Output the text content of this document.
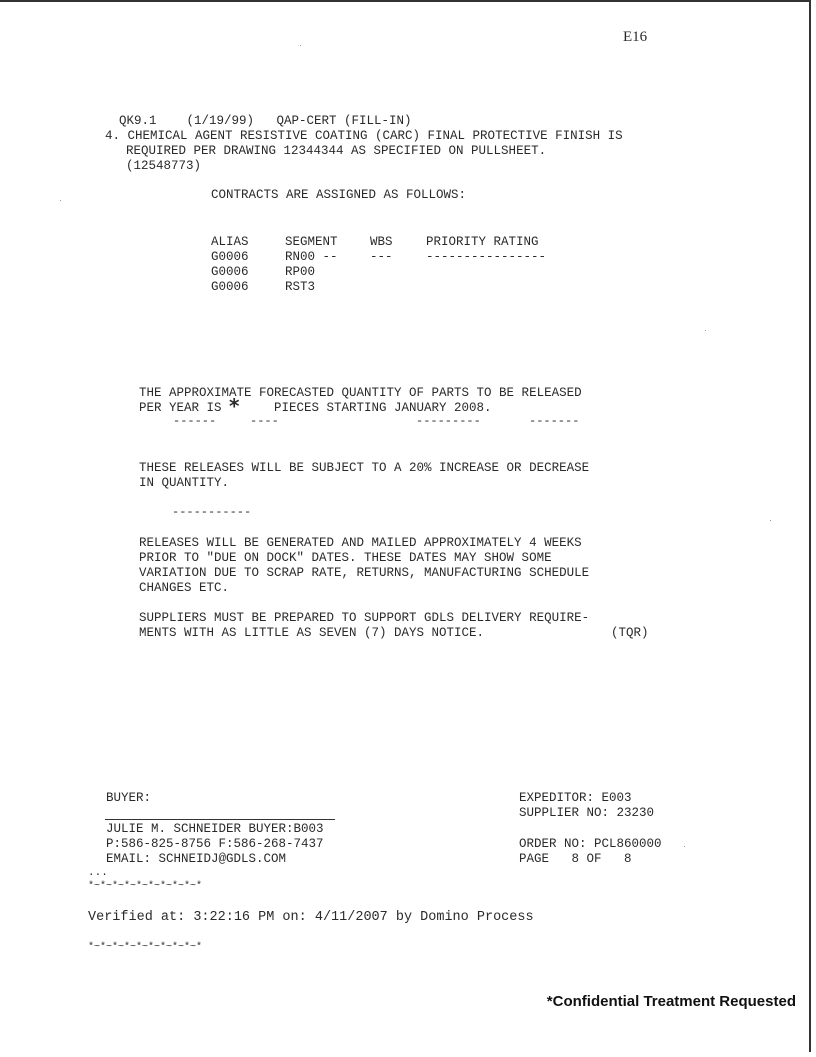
E16
QK9.1    (1/19/99)   QAP-CERT (FILL-IN)
4. CHEMICAL AGENT RESISTIVE COATING (CARC) FINAL PROTECTIVE FINISH IS
REQUIRED PER DRAWING 12344344 AS SPECIFIED ON PULLSHEET.
(12548773)
CONTRACTS ARE ASSIGNED AS FOLLOWS:
ALIAS	SEGMENT	WBS	PRIORITY RATING
G0006	RN00 --	---	----------------
G0006	RP00
G0006	RST3
THE APPROXIMATE FORECASTED QUANTITY OF PARTS TO BE RELEASED
PER YEAR IS *	PIECES STARTING JANUARY 2008.
------	----	---------	-------
THESE RELEASES WILL BE SUBJECT TO A 20% INCREASE OR DECREASE
IN QUANTITY.
-----------
RELEASES WILL BE GENERATED AND MAILED APPROXIMATELY 4 WEEKS
PRIOR TO "DUE ON DOCK" DATES. THESE DATES MAY SHOW SOME
VARIATION DUE TO SCRAP RATE, RETURNS, MANUFACTURING SCHEDULE
CHANGES ETC.
SUPPLIERS MUST BE PREPARED TO SUPPORT GDLS DELIVERY REQUIRE-
MENTS WITH AS LITTLE AS SEVEN (7) DAYS NOTICE.	(TQR)
BUYER:
JULIE M. SCHNEIDER BUYER:B003
P:586-825-8756 F:586-268-7437
EMAIL: SCHNEIDJ@GDLS.COM
EXPEDITOR: E003
SUPPLIER NO: 23230
ORDER NO: PCL860000
PAGE   8 OF   8
...
*~*~*~*~*~*~*~*~*~*
Verified at: 3:22:16 PM on: 4/11/2007 by Domino Process
*~*~*~*~*~*~*~*~*~*
*Confidential Treatment Requested
